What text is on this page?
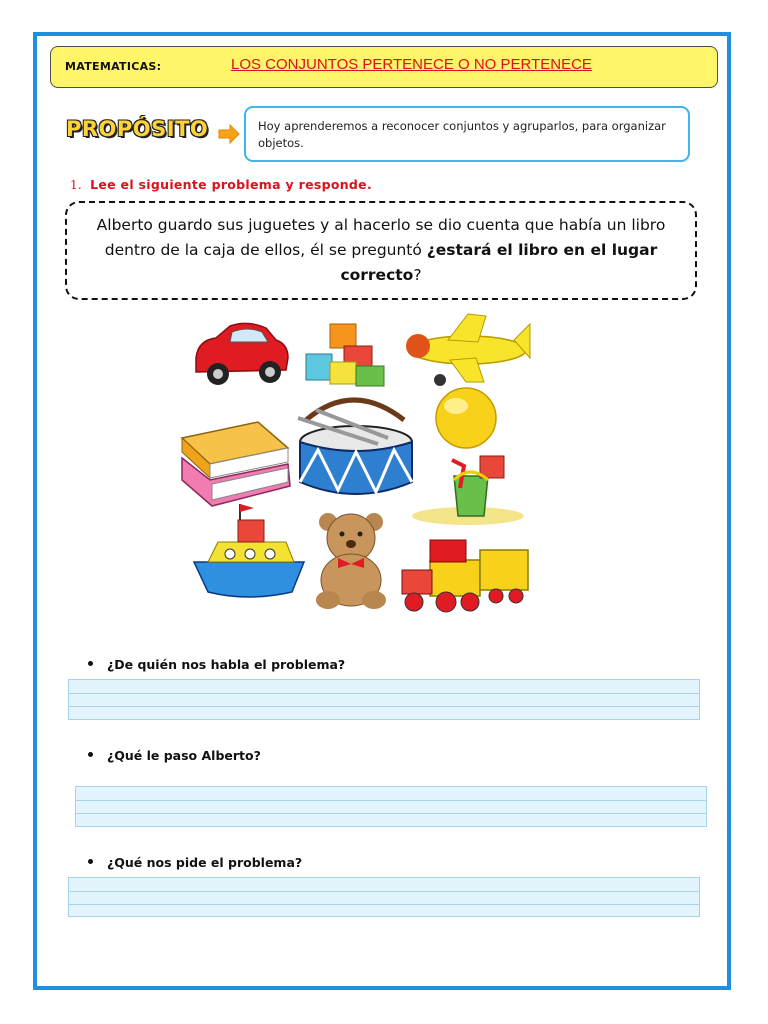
MATEMATICAS:	LOS CONJUNTOS PERTENECE O NO PERTENECE
PROPÓSITO	Hoy aprenderemos a reconocer conjuntos y agruparlos, para organizar objetos.
1. Lee el siguiente problema y responde.
Alberto guardo sus juguetes y al hacerlo se dio cuenta que había un libro dentro de la caja de ellos, él se preguntó ¿estará el libro en el lugar correcto?
¿De quién nos habla el problema?
¿Qué le paso Alberto?
¿Qué nos pide el problema?
